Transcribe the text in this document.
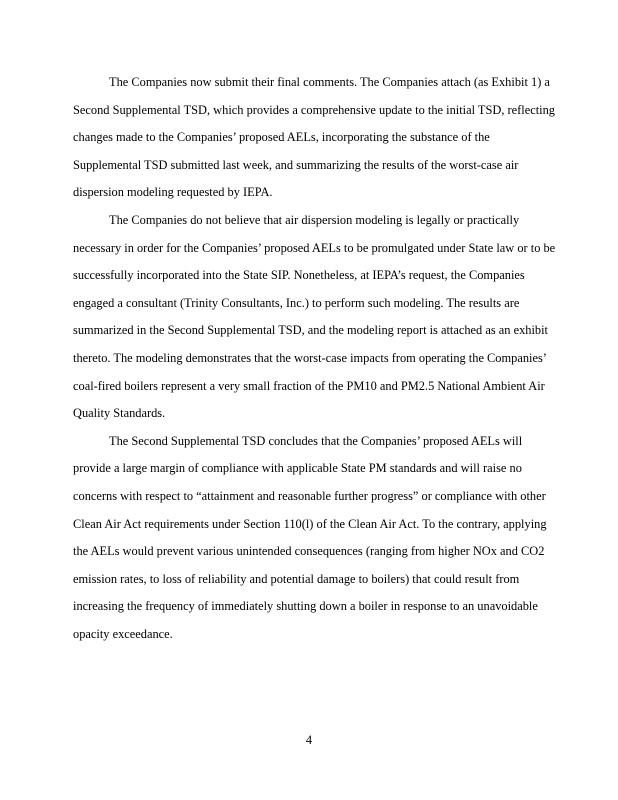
The Companies now submit their final comments. The Companies attach (as Exhibit 1) a Second Supplemental TSD, which provides a comprehensive update to the initial TSD, reflecting changes made to the Companies’ proposed AELs, incorporating the substance of the Supplemental TSD submitted last week, and summarizing the results of the worst-case air dispersion modeling requested by IEPA.

The Companies do not believe that air dispersion modeling is legally or practically necessary in order for the Companies’ proposed AELs to be promulgated under State law or to be successfully incorporated into the State SIP. Nonetheless, at IEPA’s request, the Companies engaged a consultant (Trinity Consultants, Inc.) to perform such modeling. The results are summarized in the Second Supplemental TSD, and the modeling report is attached as an exhibit thereto. The modeling demonstrates that the worst-case impacts from operating the Companies’ coal-fired boilers represent a very small fraction of the PM10 and PM2.5 National Ambient Air Quality Standards.

The Second Supplemental TSD concludes that the Companies’ proposed AELs will provide a large margin of compliance with applicable State PM standards and will raise no concerns with respect to “attainment and reasonable further progress” or compliance with other Clean Air Act requirements under Section 110(l) of the Clean Air Act. To the contrary, applying the AELs would prevent various unintended consequences (ranging from higher NOx and CO2 emission rates, to loss of reliability and potential damage to boilers) that could result from increasing the frequency of immediately shutting down a boiler in response to an unavoidable opacity exceedance.

4
